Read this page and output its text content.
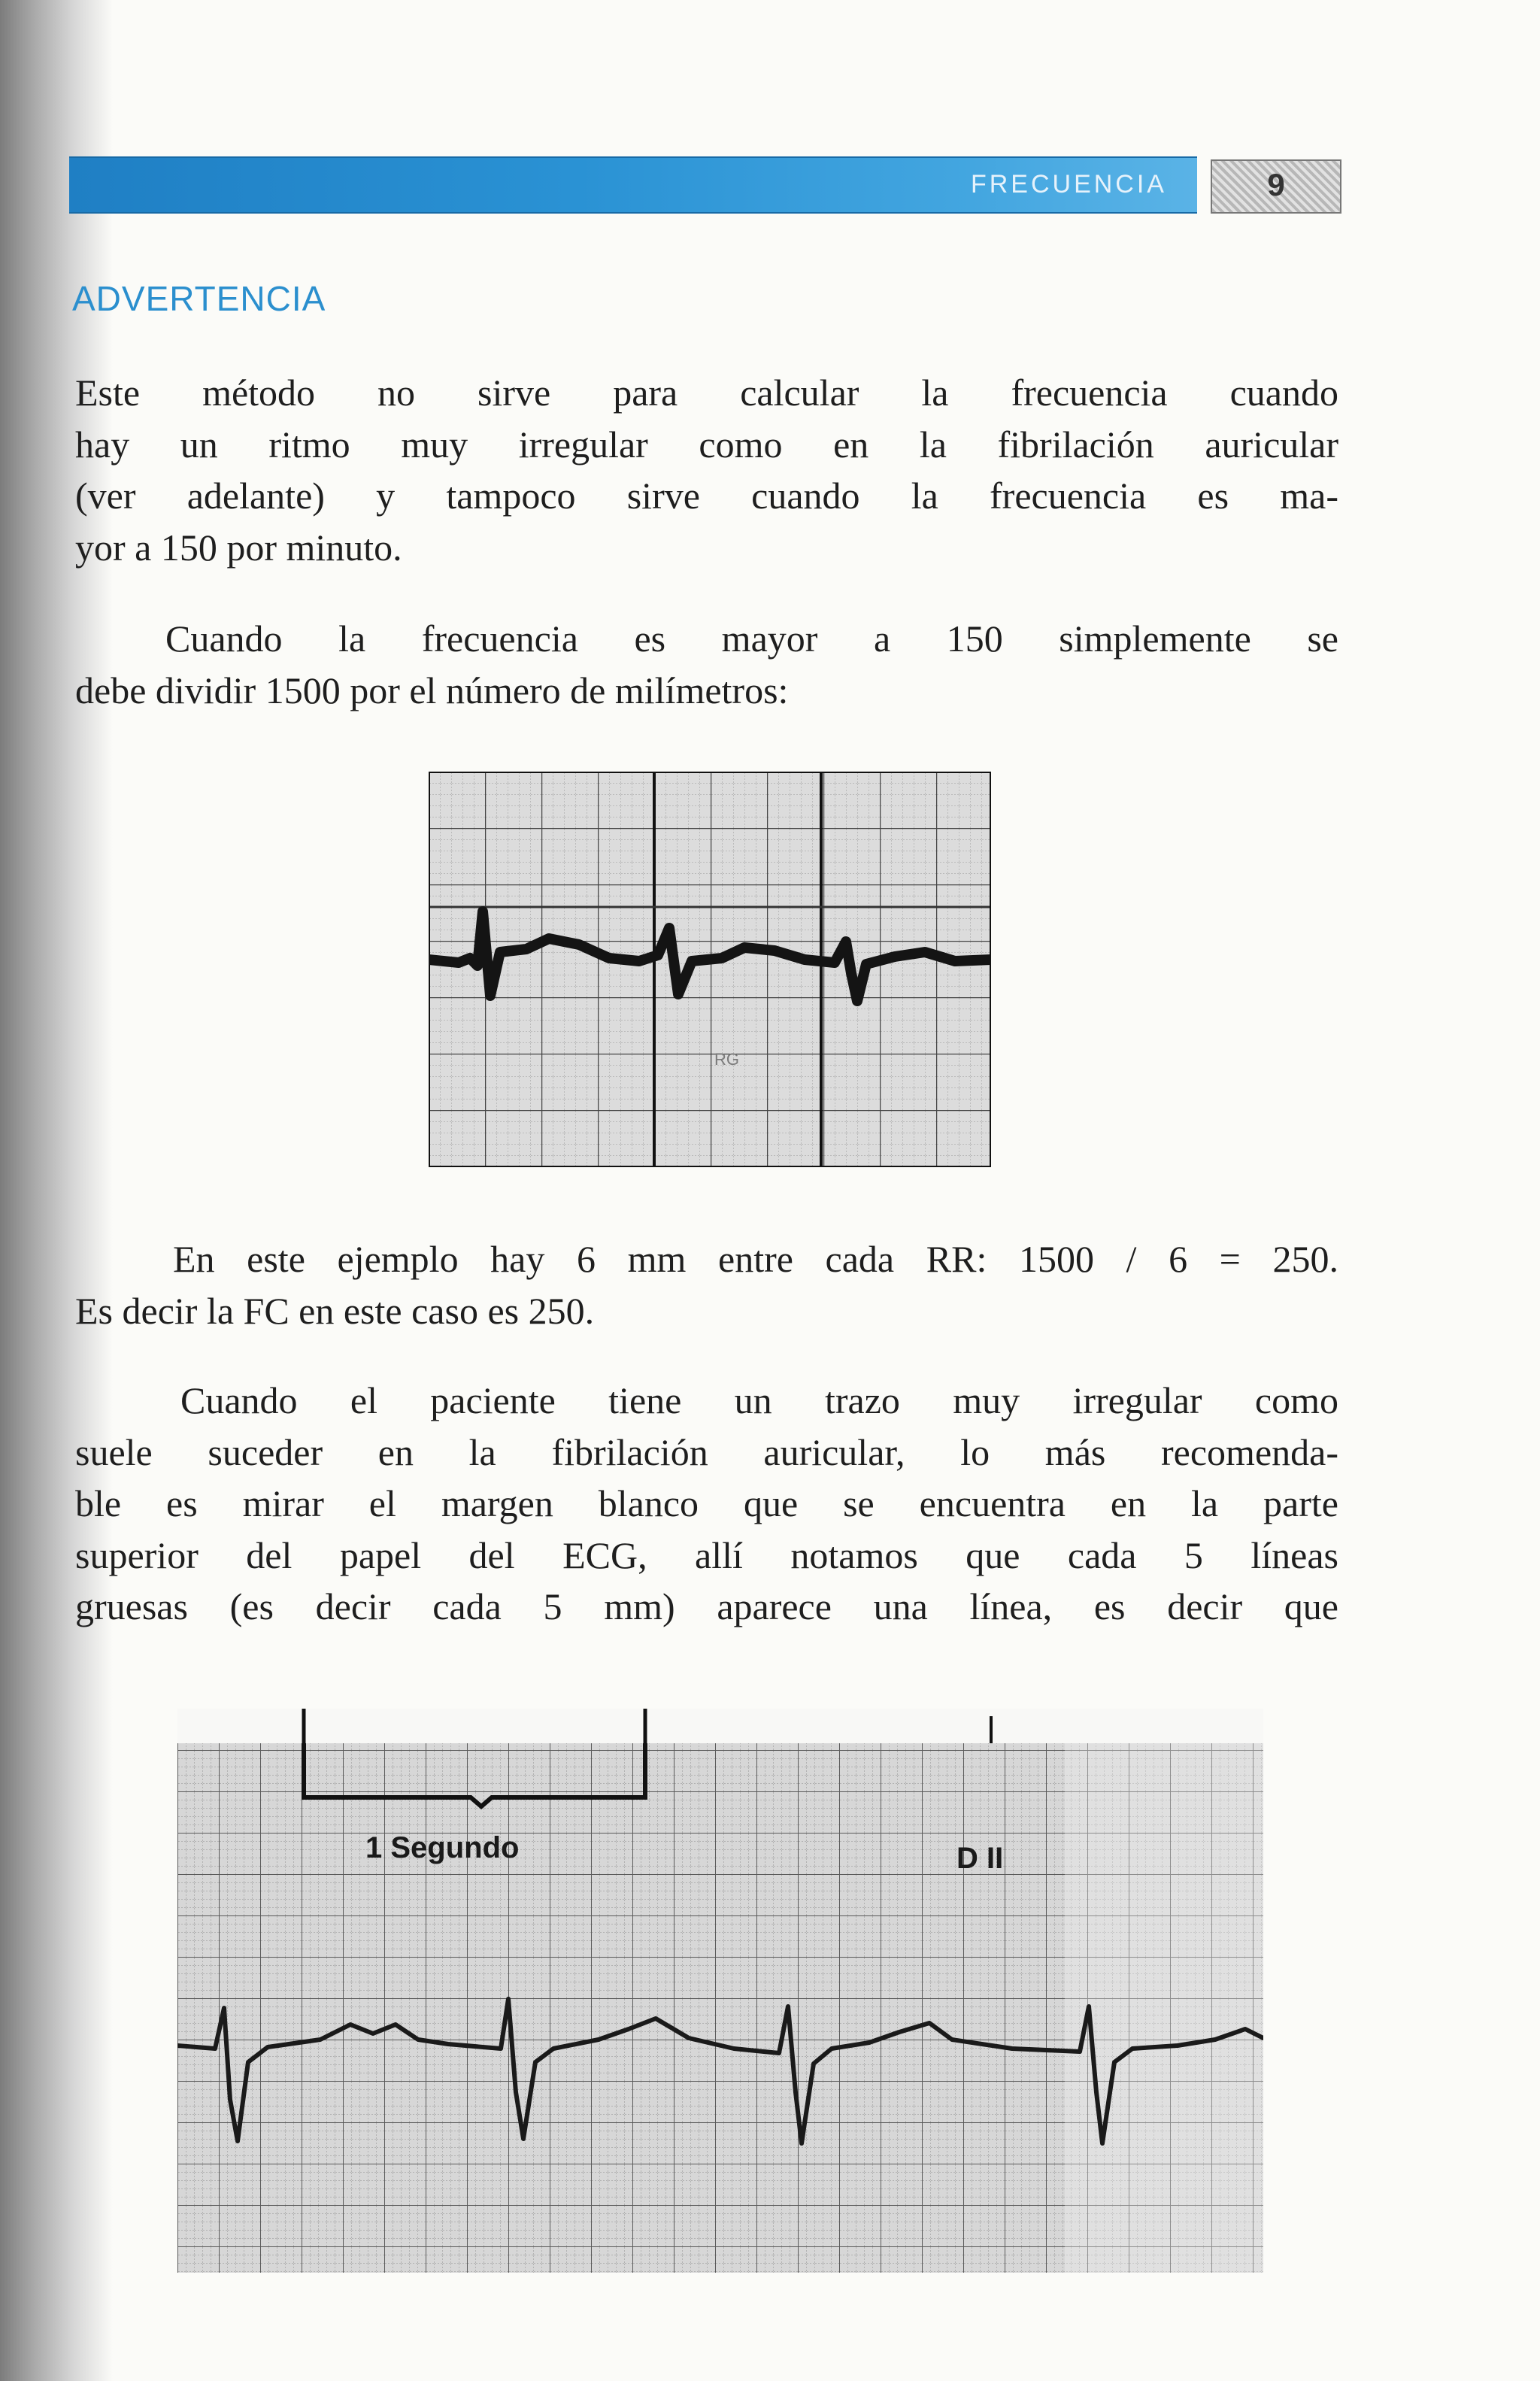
FRECUENCIA	9
ADVERTENCIA

Este método no sirve para calcular la frecuencia cuando
hay un ritmo muy irregular como en la fibrilación auricular
(ver adelante) y tampoco sirve cuando la frecuencia es ma-
yor a 150 por minuto.

Cuando la frecuencia es mayor a 150 simplemente se
debe dividir 1500 por el número de milímetros:

RG

En este ejemplo hay 6 mm entre cada RR: 1500 / 6 = 250.
Es decir la FC en este caso es 250.

Cuando el paciente tiene un trazo muy irregular como
suele suceder en la fibrilación auricular, lo más recomenda-
ble es mirar el margen blanco que se encuentra en la parte
superior del papel del ECG, allí notamos que cada 5 líneas
gruesas (es decir cada 5 mm) aparece una línea, es decir que

1 Segundo	D II
